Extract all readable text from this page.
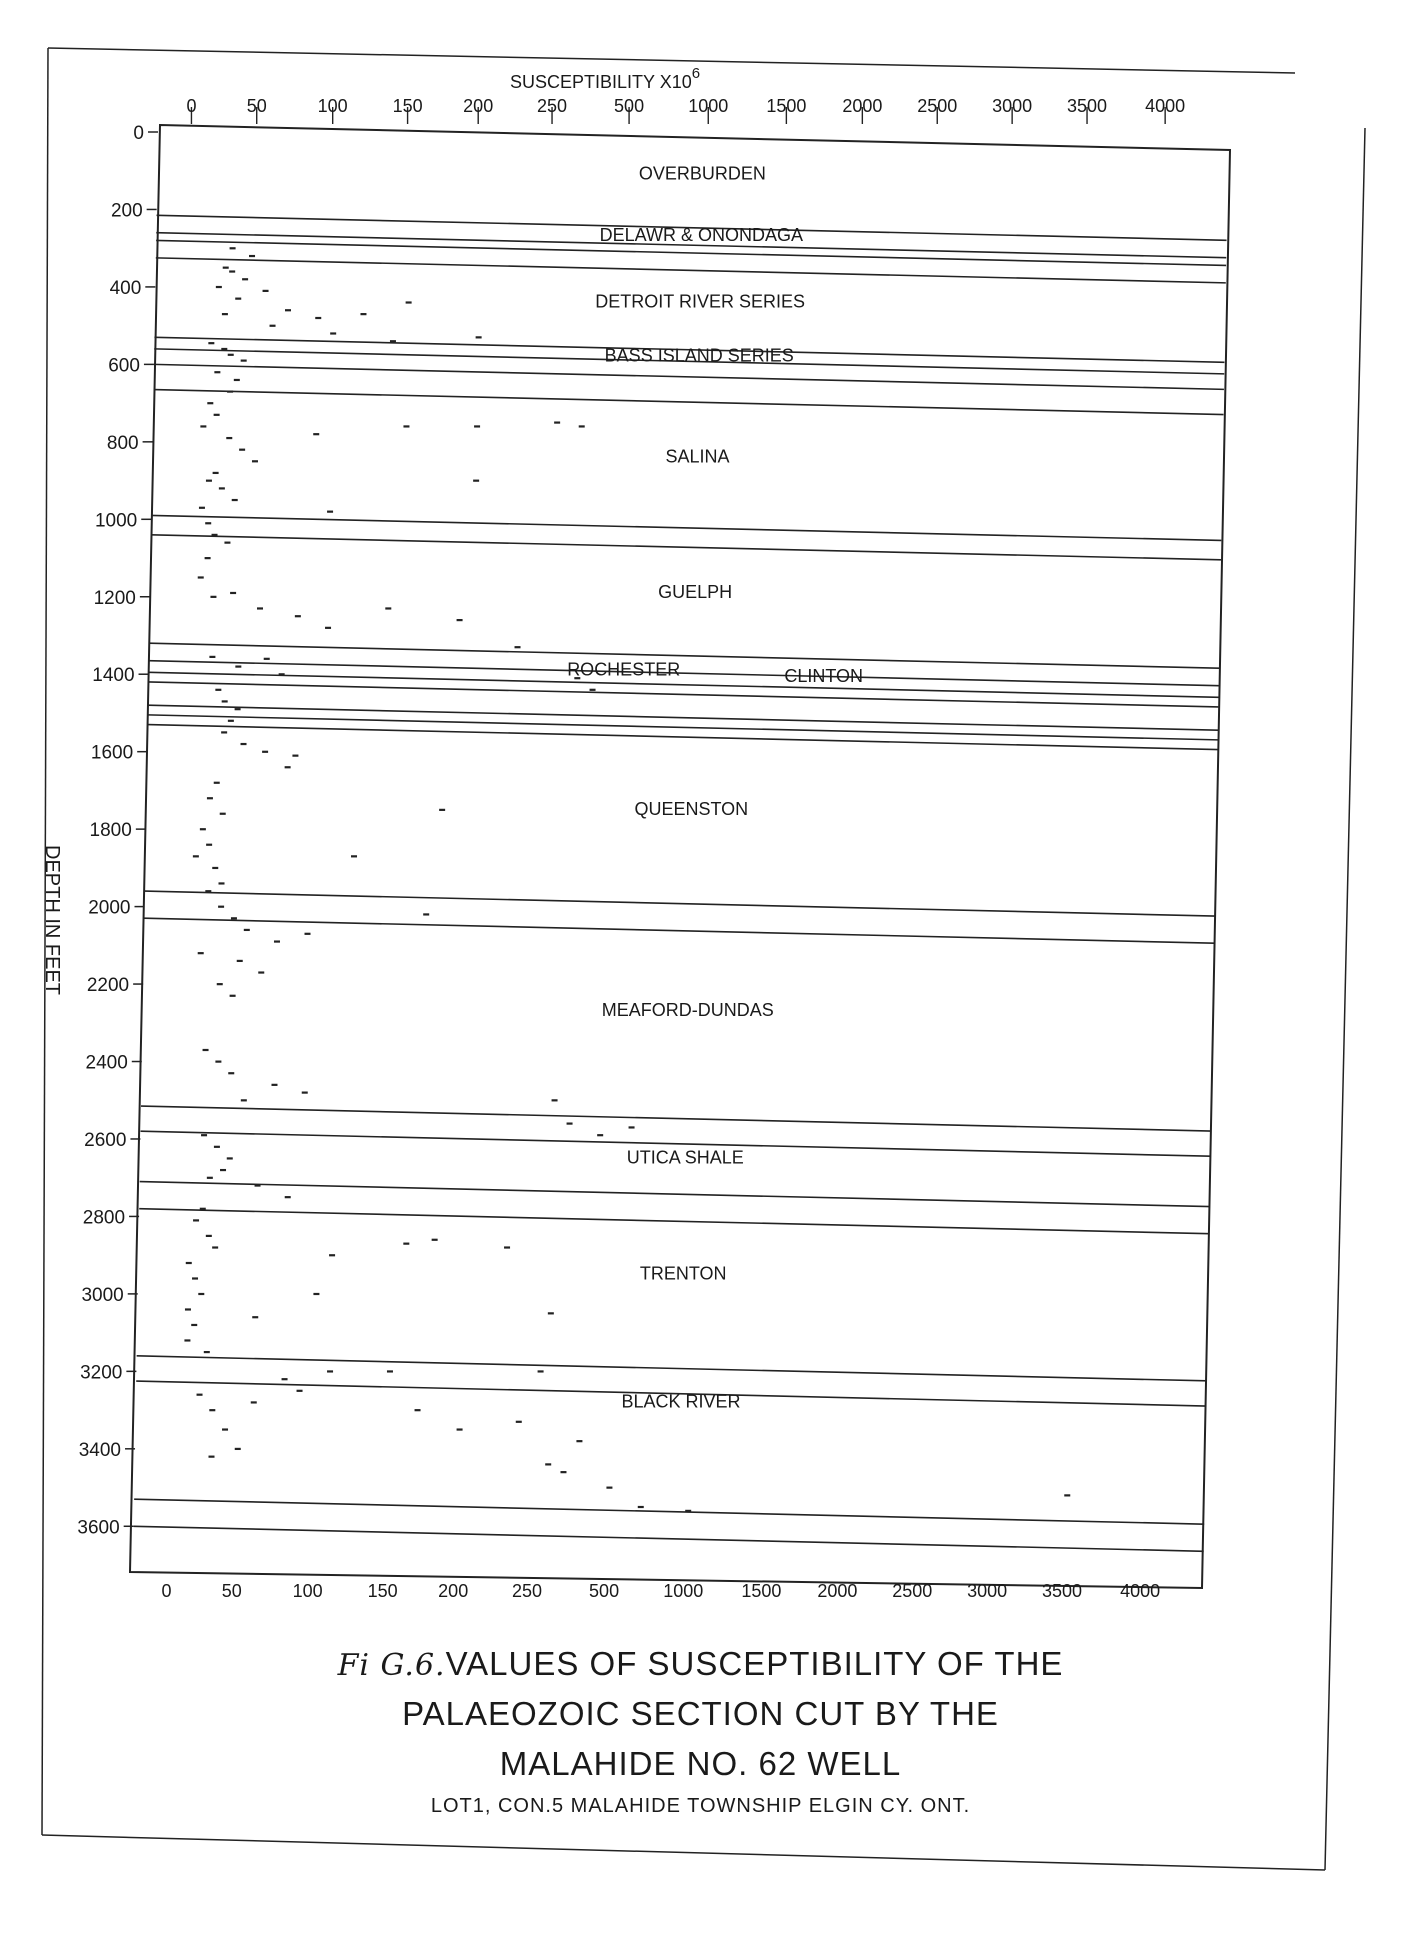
OVERBURDEN
DELAWR & ONONDAGA
DETROIT RIVER SERIES
BASS ISLAND SERIES
SALINA
GUELPH
ROCHESTER	CLINTON
QUEENSTON
MEAFORD-DUNDAS
UTICA SHALE
TRENTON
BLACK RIVER
0
200
400
600
800
1000
1200
1400
1600
1800
2000
2200
2400
2600
2800
3000
3200
3400
3600
0	50	100 150 200 250	500 1000 1500 2000 2500 3000 3500 4000
0	50	100 150 200 250	500 1000 1500 2000 2500 3000 3500 4000
SUSCEPTIBILITY $X10^6$
DEPTH IN FEET
Fi G.6.VALUES OF SUSCEPTIBILITY OF THE
PALAEOZOIC SECTION CUT BY THE
MALAHIDE NO. 62 WELL
LOT1, CON.5 MALAHIDE TOWNSHIP ELGIN CY. ONT.
